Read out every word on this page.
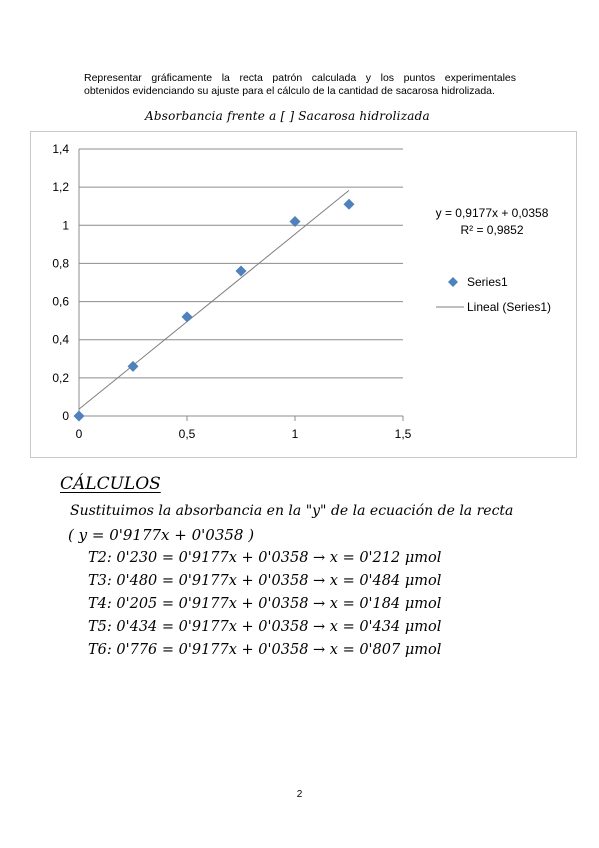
Representar gráficamente la recta patrón calculada y los puntos experimentales
obtenidos evidenciando su ajuste para el cálculo de la cantidad de sacarosa hidrolizada.
Absorbancia frente a [ ] Sacarosa hidrolizada
0
0,2
0,4
0,6
0,8
1
1,2
1,4
0	0,5	1	1,5
y = 0,9177x + 0,0358
R² = 0,9852
Series1
Lineal (Series1)
CÁLCULOS
Sustituimos la absorbancia en la "y" de la ecuación de la recta
( y = 0'9177x + 0'0358 )
T2: 0'230 = 0'9177x + 0'0358 → x = 0'212 μmol
T3: 0'480 = 0'9177x + 0'0358 → x = 0'484 μmol
T4: 0'205 = 0'9177x + 0'0358 → x = 0'184 μmol
T5: 0'434 = 0'9177x + 0'0358 → x = 0'434 μmol
T6: 0'776 = 0'9177x + 0'0358 → x = 0'807 μmol
2
